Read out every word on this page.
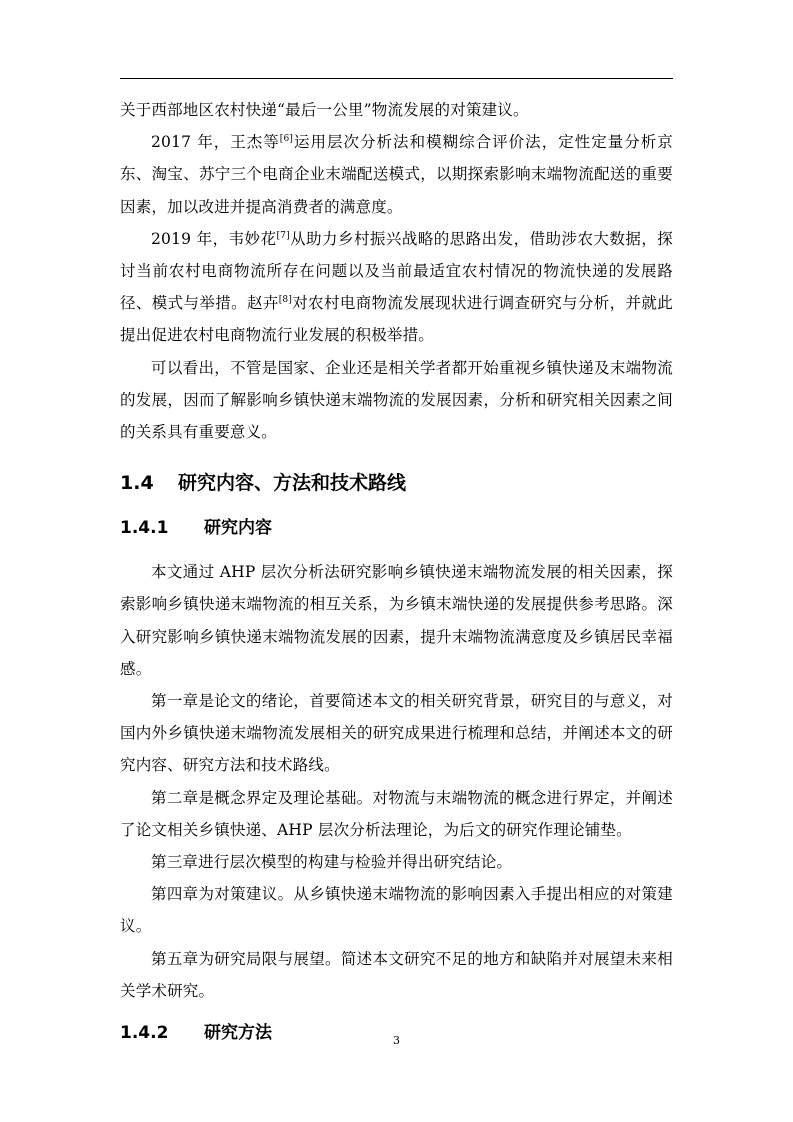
关于西部地区农村快递“最后一公里”物流发展的对策建议。

2017 年，王杰等[6]运用层次分析法和模糊综合评价法，定性定量分析京东、淘宝、苏宁三个电商企业末端配送模式，以期探索影响末端物流配送的重要因素，加以改进并提高消费者的满意度。

2019 年，韦妙花[7]从助力乡村振兴战略的思路出发，借助涉农大数据，探讨当前农村电商物流所存在问题以及当前最适宜农村情况的物流快递的发展路径、模式与举措。赵卉[8]对农村电商物流发展现状进行调查研究与分析，并就此提出促进农村电商物流行业发展的积极举措。

可以看出，不管是国家、企业还是相关学者都开始重视乡镇快递及末端物流的发展，因而了解影响乡镇快递末端物流的发展因素，分析和研究相关因素之间的关系具有重要意义。

1.4 研究内容、方法和技术路线
1.4.1 研究内容

本文通过 AHP 层次分析法研究影响乡镇快递末端物流发展的相关因素，探索影响乡镇快递末端物流的相互关系，为乡镇末端快递的发展提供参考思路。深入研究影响乡镇快递末端物流发展的因素，提升末端物流满意度及乡镇居民幸福感。

第一章是论文的绪论，首要简述本文的相关研究背景，研究目的与意义，对国内外乡镇快递末端物流发展相关的研究成果进行梳理和总结，并阐述本文的研究内容、研究方法和技术路线。

第二章是概念界定及理论基础。对物流与末端物流的概念进行界定，并阐述了论文相关乡镇快递、AHP 层次分析法理论，为后文的研究作理论铺垫。

第三章进行层次模型的构建与检验并得出研究结论。

第四章为对策建议。从乡镇快递末端物流的影响因素入手提出相应的对策建议。

第五章为研究局限与展望。简述本文研究不足的地方和缺陷并对展望未来相关学术研究。

1.4.2 研究方法	3
